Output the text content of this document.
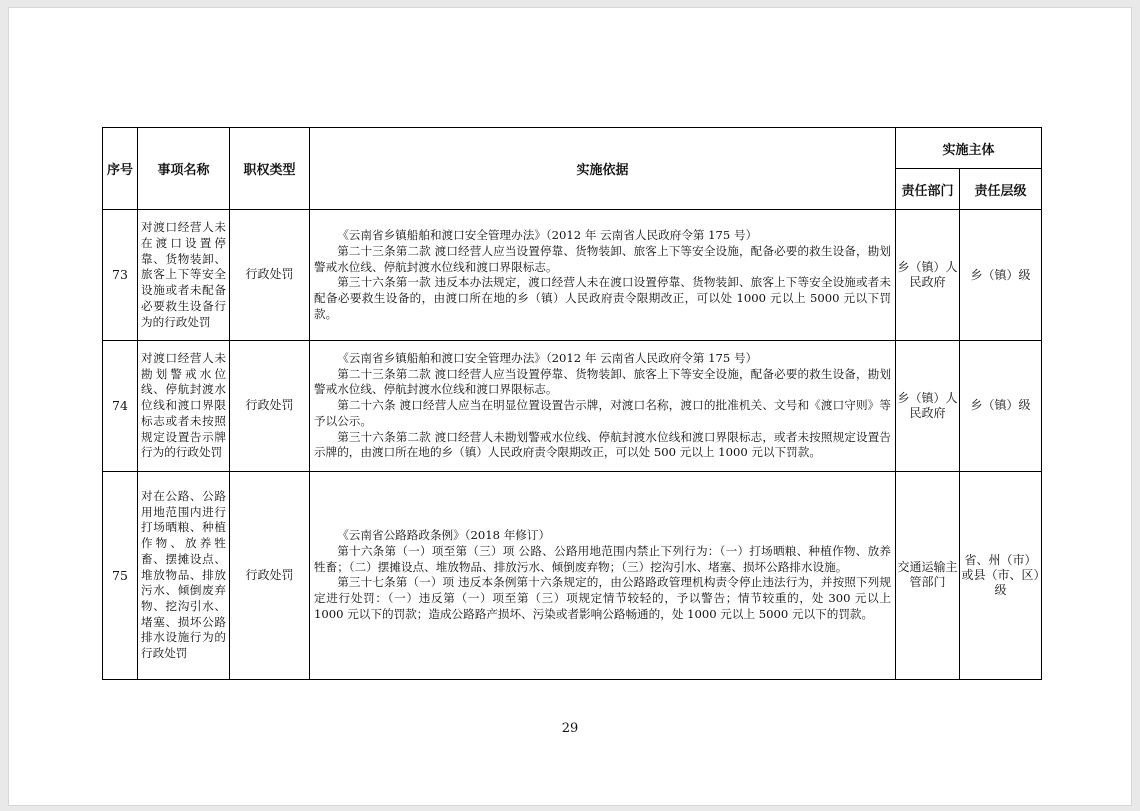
序号	事项名称	职权类型	实施依据	实施主体	
				责任部门	责任层级
73	对渡口经营人未在渡口设置停靠、货物装卸、旅客上下等安全设施或者未配备必要救生设备行为的行政处罚	行政处罚	《云南省乡镇船舶和渡口安全管理办法》（2012 年 云南省人民政府令第 175 号）

第二十三条第二款 渡口经营人应当设置停靠、货物装卸、旅客上下等安全设施，配备必要的救生设备，勘划警戒水位线、停航封渡水位线和渡口界限标志。

第三十六条第一款 违反本办法规定，渡口经营人未在渡口设置停靠、货物装卸、旅客上下等安全设施或者未配备必要救生设备的，由渡口所在地的乡（镇）人民政府责令限期改正，可以处 1000 元以上 5000 元以下罚款。	乡（镇）人民政府	乡（镇）级
74	对渡口经营人未勘划警戒水位线、停航封渡水位线和渡口界限标志或者未按照规定设置告示牌行为的行政处罚	行政处罚	《云南省乡镇船舶和渡口安全管理办法》（2012 年 云南省人民政府令第 175 号）

第二十三条第二款 渡口经营人应当设置停靠、货物装卸、旅客上下等安全设施，配备必要的救生设备，勘划警戒水位线、停航封渡水位线和渡口界限标志。

第二十六条 渡口经营人应当在明显位置设置告示牌，对渡口名称，渡口的批准机关、文号和《渡口守则》等予以公示。

第三十六条第二款 渡口经营人未勘划警戒水位线、停航封渡水位线和渡口界限标志，或者未按照规定设置告示牌的，由渡口所在地的乡（镇）人民政府责令限期改正，可以处 500 元以上 1000 元以下罚款。	乡（镇）人民政府	乡（镇）级
75	对在公路、公路用地范围内进行打场晒粮、种植作物、放养牲畜、摆摊设点、堆放物品、排放污水、倾倒废弃物、挖沟引水、堵塞、损坏公路排水设施行为的行政处罚	行政处罚	《云南省公路路政条例》（2018 年修订）

第十六条第（一）项至第（三）项 公路、公路用地范围内禁止下列行为：（一）打场晒粮、种植作物、放养牲畜；（二）摆摊设点、堆放物品、排放污水、倾倒废弃物；（三）挖沟引水、堵塞、损坏公路排水设施。

第三十七条第（一）项 违反本条例第十六条规定的，由公路路政管理机构责令停止违法行为，并按照下列规定进行处罚：（一）违反第（一）项至第（三）项规定情节较轻的，予以警告；情节较重的，处 300 元以上 1000 元以下的罚款；造成公路路产损坏、污染或者影响公路畅通的，处 1000 元以上 5000 元以下的罚款。	交通运输主管部门	省、州（市）或县（市、区）级
29
